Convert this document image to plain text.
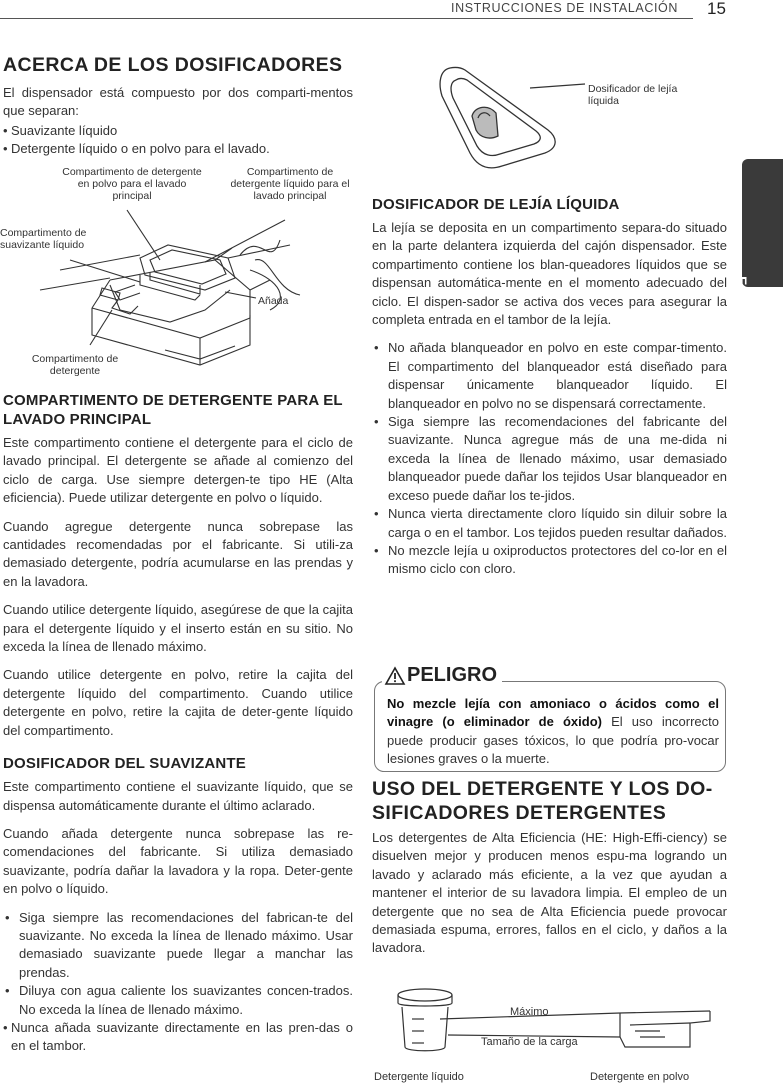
INSTRUCCIONES DE INSTALACIÓN 15
ESPAÑOL
ACERCA DE LOS DOSIFICADORES

El dispensador está compuesto por dos comparti-mentos que separan:

• Suavizante líquido
• Detergente líquido o en polvo para el lavado.
Compartimento de detergente en polvo para el lavado principal
Compartimento de detergente líquido para el lavado principal
Compartimento de suavizante líquido
Añada
Compartimento de detergente
COMPARTIMENTO DE DETERGENTE PARA EL LAVADO PRINCIPAL

Este compartimento contiene el detergente para el ciclo de lavado principal. El detergente se añade al comienzo del ciclo de carga. Use siempre detergen-te tipo HE (Alta eficiencia). Puede utilizar detergente en polvo o líquido.

Cuando agregue detergente nunca sobrepase las cantidades recomendadas por el fabricante. Si utili-za demasiado detergente, podría acumularse en las prendas y en la lavadora.

Cuando utilice detergente líquido, asegúrese de que la cajita para el detergente líquido y el inserto están en su sitio. No exceda la línea de llenado máximo.

Cuando utilice detergente en polvo, retire la cajita del detergente líquido del compartimento. Cuando utilice detergente en polvo, retire la cajita de deter-gente líquido del compartimento.

DOSIFICADOR DEL SUAVIZANTE

Este compartimento contiene el suavizante líquido, que se dispensa automáticamente durante el último aclarado.

Cuando añada detergente nunca sobrepase las re-comendaciones del fabricante. Si utiliza demasiado suavizante, podría dañar la lavadora y la ropa. Deter-gente en polvo o líquido.

• Siga siempre las recomendaciones del fabrican-te del suavizante. No exceda la línea de llenado máximo. Usar demasiado suavizante puede llegar a manchar las prendas.
• Diluya con agua caliente los suavizantes concen-trados. No exceda la línea de llenado máximo.
• Nunca añada suavizante directamente en las pren-das o en el tambor.
Dosificador de lejía líquida
DOSIFICADOR DE LEJÍA LÍQUIDA

La lejía se deposita en un compartimento separa-do situado en la parte delantera izquierda del cajón dispensador. Este compartimento contiene los blan-queadores líquidos que se dispensan automática-mente en el momento adecuado del ciclo. El dispen-sador se activa dos veces para asegurar la completa entrada en el tambor de la lejía.

• No añada blanqueador en polvo en este compar-timento. El compartimento del blanqueador está diseñado para dispensar únicamente blanqueador líquido. El blanqueador en polvo no se dispensará correctamente.
• Siga siempre las recomendaciones del fabricante del suavizante. Nunca agregue más de una me-dida ni exceda la línea de llenado máximo, usar demasiado blanqueador puede dañar los tejidos Usar blanqueador en exceso puede dañar los te-jidos.
• Nunca vierta directamente cloro líquido sin diluir sobre la carga o en el tambor. Los tejidos pueden resultar dañados.
• No mezcle lejía u oxiproductos protectores del co-lor en el mismo ciclo con cloro.
PELIGRO
No mezcle lejía con amoniaco o ácidos como el vinagre (o eliminador de óxido) El uso incorrecto puede producir gases tóxicos, lo que podría pro-vocar lesiones graves o la muerte.
USO DEL DETERGENTE Y LOS DO-SIFICADORES DETERGENTES

Los detergentes de Alta Eficiencia (HE: High-Effi-ciency) se disuelven mejor y producen menos espu-ma logrando un lavado y aclarado más eficiente, a la vez que ayudan a mantener el interior de su lavadora limpia. El empleo de un detergente que no sea de Alta Eficiencia puede provocar demasiada espuma, errores, fallos en el ciclo, y daños a la lavadora.

Máximo
Tamaño de la carga
Detergente líquido	Detergente en polvo
